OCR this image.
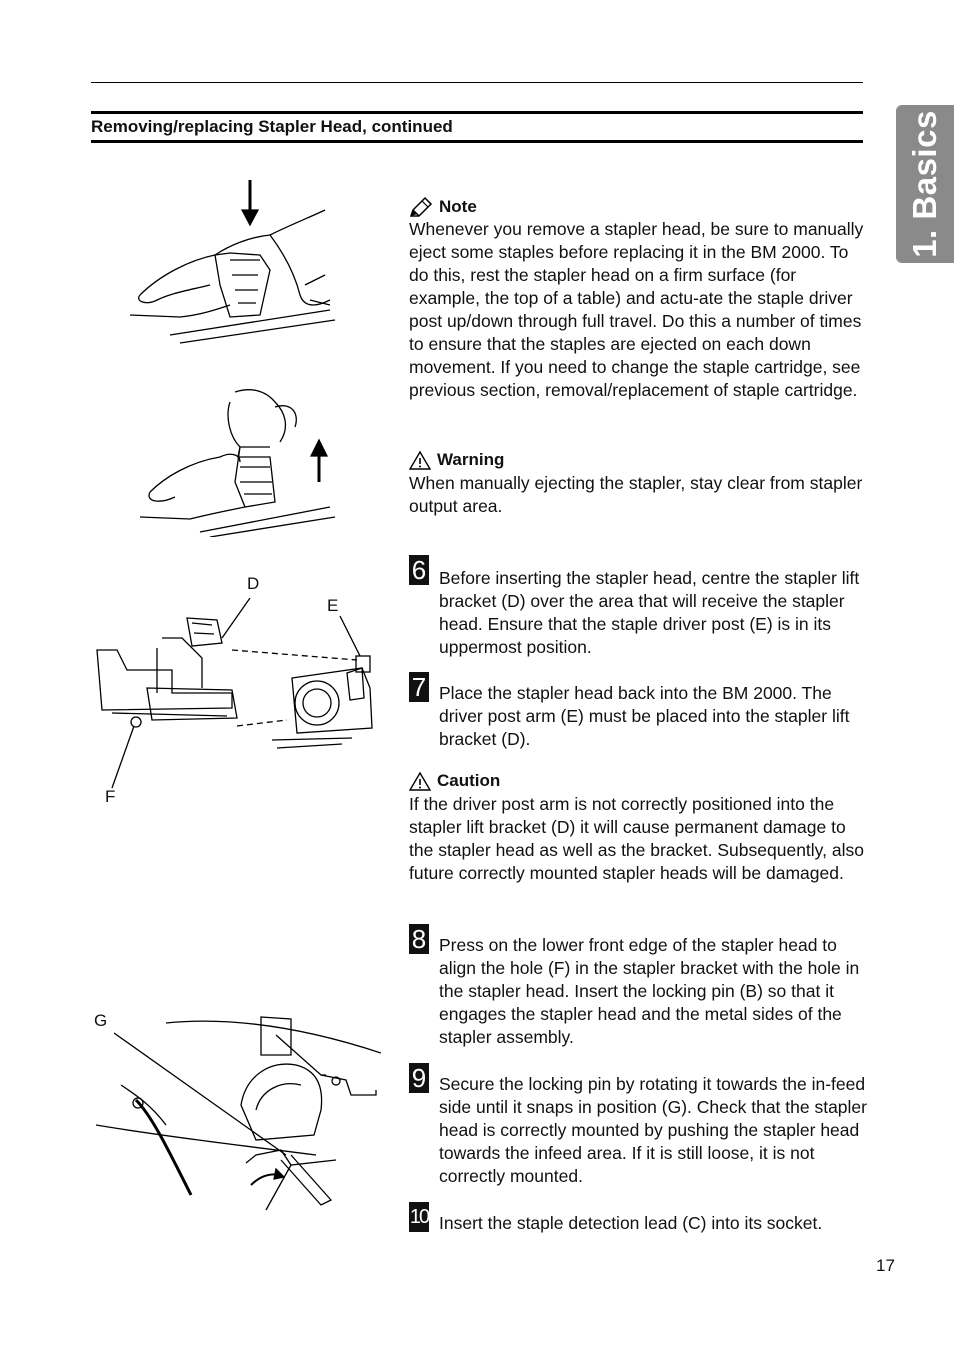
Removing/replacing Stapler Head, continued	1. Basics
D
E
F
G
Note
Whenever you remove a stapler head, be sure to manually eject some staples before replacing it in the BM 2000. To do this, rest the stapler head on a firm surface (for example, the top of a table) and actu-ate the staple driver post up/down through full travel. Do this a number of times to ensure that the staples are ejected on each down movement. If you need to change the staple cartridge, see previous section, removal/replacement of staple cartridge.
Warning
When manually ejecting the stapler, stay clear from stapler output area.
6 Before inserting the stapler head, centre the stapler lift bracket (D) over the area that will receive the stapler head. Ensure that the staple driver post (E) is in its uppermost position.
7 Place the stapler head back into the BM 2000. The driver post arm (E) must be placed into the stapler lift bracket (D).
Caution
If the driver post arm is not correctly positioned into the stapler lift bracket (D) it will cause permanent damage to the stapler head as well as the bracket. Subsequently, also future correctly mounted stapler heads will be damaged.
8 Press on the lower front edge of the stapler head to align the hole (F) in the stapler bracket with the hole in the stapler head. Insert the locking pin (B) so that it engages the stapler head and the metal sides of the stapler assembly.
9 Secure the locking pin by rotating it towards the in-feed side until it snaps in position (G). Check that the stapler head is correctly mounted by pushing the stapler head towards the infeed area. If it is still loose, it is not correctly mounted.
10 Insert the staple detection lead (C) into its socket.
17
